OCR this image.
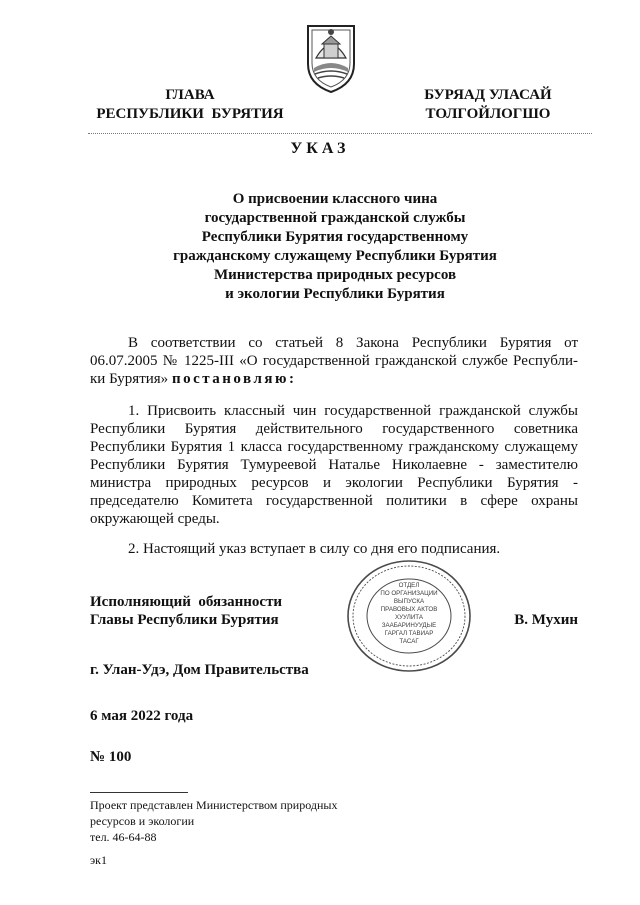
ГЛАВА
РЕСПУБЛИКИ  БУРЯТИЯ
БУРЯАД УЛАСАЙ
ТОЛГОЙЛОГШО
УКАЗ
О присвоении классного чина
государственной гражданской службы
Республики Бурятия государственному
гражданскому служащему Республики Бурятия
Министерства природных ресурсов
и экологии Республики Бурятия
В соответствии со статьей 8 Закона Республики Бурятия от
06.07.2005 № 1225-III «О государственной гражданской службе Республи-
ки Бурятия» постановляю:
1. Присвоить классный чин государственной гражданской службы
Республики Бурятия действительного государственного советника
Республики Бурятия 1 класса государственному гражданскому служащему
Республики Бурятия Тумуреевой Наталье Николаевне - заместителю
министра природных ресурсов и экологии Республики Бурятия -
председателю Комитета государственной политики в сфере охраны
окружающей среды.
2. Настоящий указ вступает в силу со дня его подписания.
ОТДЕЛ
ПО ОРГАНИЗАЦИИ
ВЫПУСКА
ПРАВОВЫХ АКТОВ
ХУУЛИТА
ЗААБАРИНУУДЫЕ
ГАРГАЛ ТАВИАР
ТАСАГ
Исполняющий  обязанности
Главы Республики Бурятия	В. Мухин
г. Улан-Удэ, Дом Правительства
6 мая 2022 года
№ 100
Проект представлен Министерством природных
ресурсов и экологии
тел. 46-64-88
эк1
